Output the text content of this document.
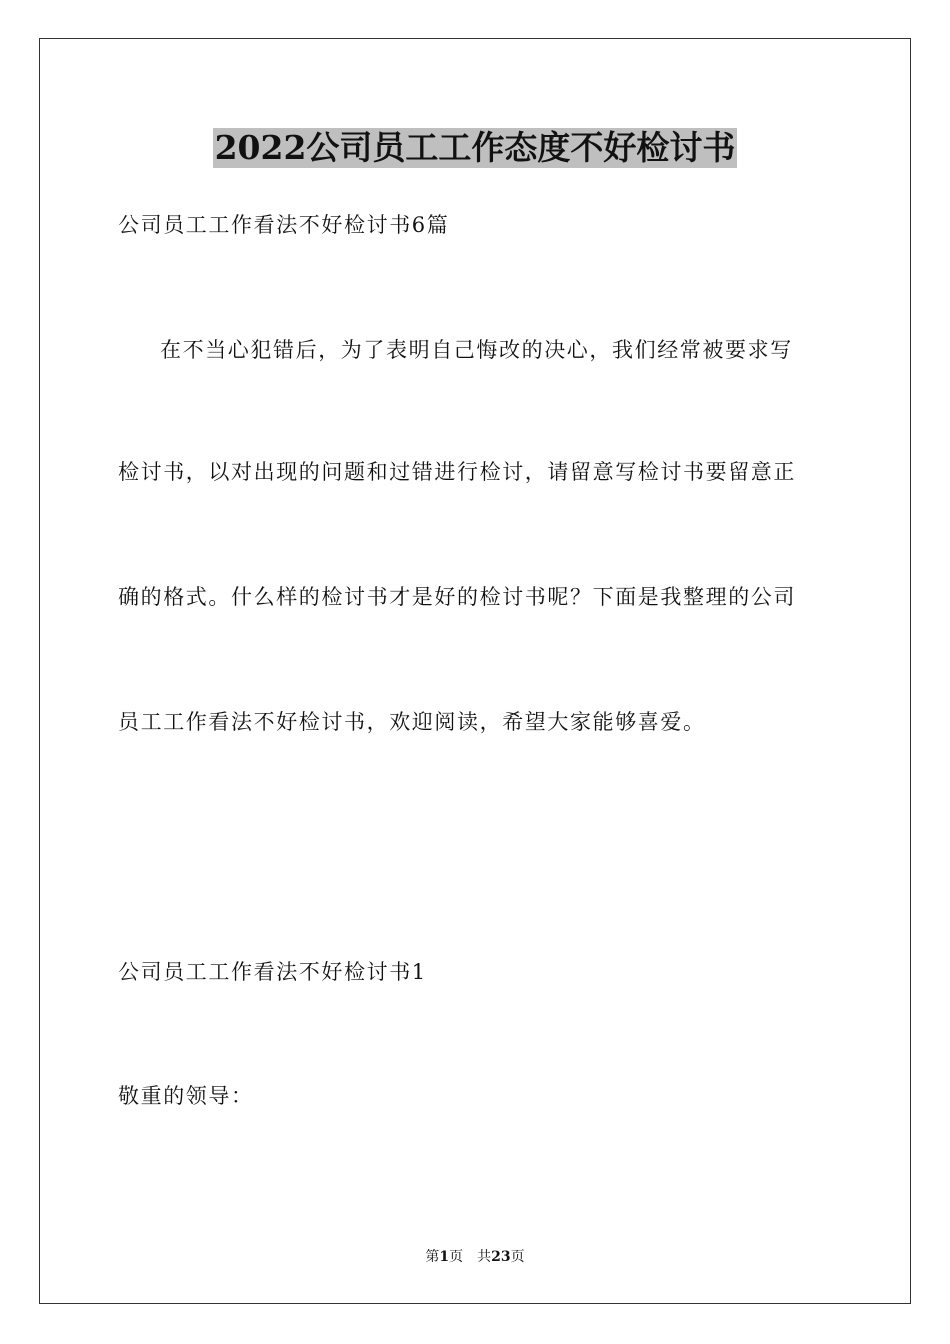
2022公司员工工作态度不好检讨书
公司员工工作看法不好检讨书6篇
在不当心犯错后，为了表明自己悔改的决心，我们经常被要求写
检讨书，以对出现的问题和过错进行检讨，请留意写检讨书要留意正
确的格式。什么样的检讨书才是好的检讨书呢？下面是我整理的公司
员工工作看法不好检讨书，欢迎阅读，希望大家能够喜爱。
公司员工工作看法不好检讨书1
敬重的领导：
第1页　共23页
